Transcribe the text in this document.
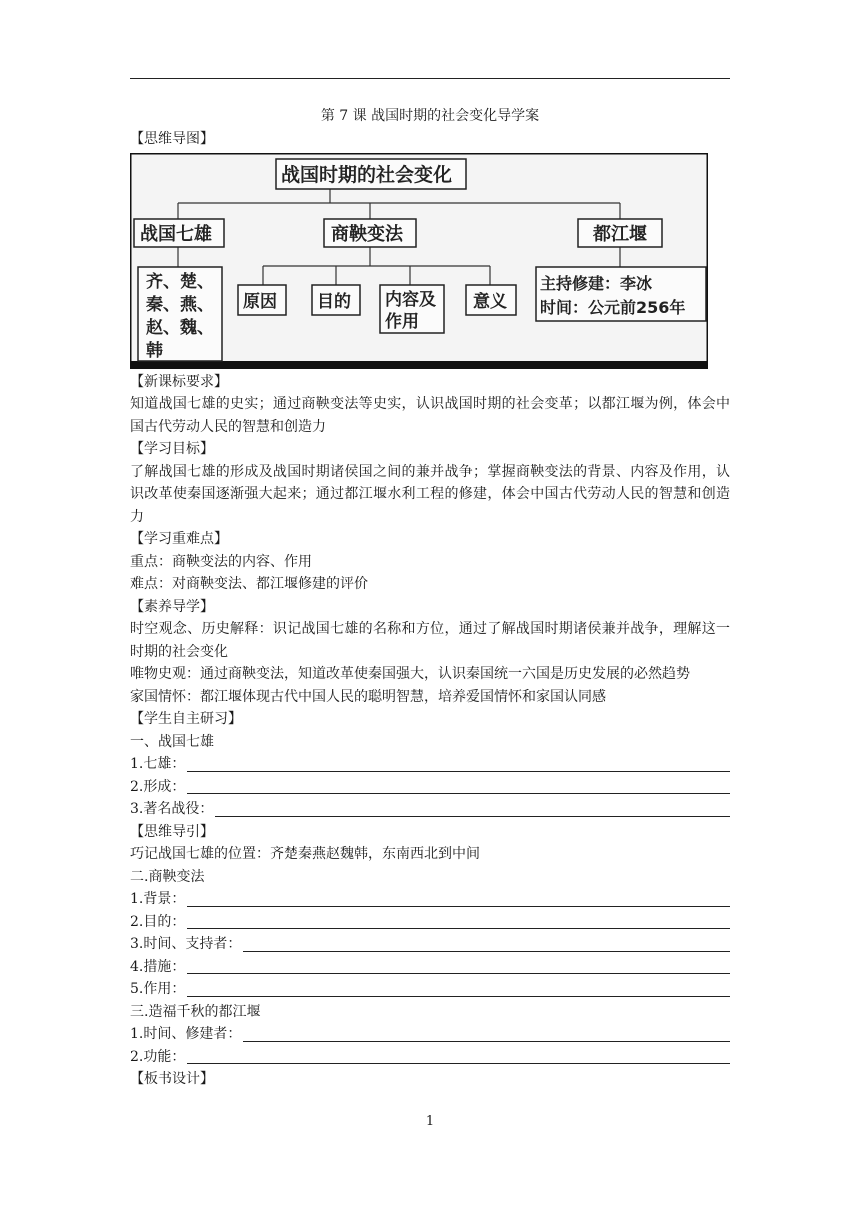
第 7 课 战国时期的社会变化导学案
【思维导图】
战国时期的社会变化
战国七雄	商鞅变法	都江堰
齐、楚、
秦、燕、
赵、魏、
韩
原因 目的 内容及
作用
意义
主持修建：李冰
时间：公元前256年
【新课标要求】
知道战国七雄的史实；通过商鞅变法等史实，认识战国时期的社会变革；以都江堰为例，体会中国古代劳动人民的智慧和创造力
【学习目标】
了解战国七雄的形成及战国时期诸侯国之间的兼并战争；掌握商鞅变法的背景、内容及作用，认识改革使秦国逐渐强大起来；通过都江堰水利工程的修建，体会中国古代劳动人民的智慧和创造力
【学习重难点】
重点：商鞅变法的内容、作用
难点：对商鞅变法、都江堰修建的评价
【素养导学】
时空观念、历史解释：识记战国七雄的名称和方位，通过了解战国时期诸侯兼并战争，理解这一时期的社会变化
唯物史观：通过商鞅变法，知道改革使秦国强大，认识秦国统一六国是历史发展的必然趋势
家国情怀：都江堰体现古代中国人民的聪明智慧，培养爱国情怀和家国认同感
【学生自主研习】
一、战国七雄
1.七雄：
2.形成：
3.著名战役：
【思维导引】
巧记战国七雄的位置：齐楚秦燕赵魏韩，东南西北到中间
二.商鞅变法
1.背景：
2.目的：
3.时间、支持者：
4.措施：
5.作用：
三.造福千秋的都江堰
1.时间、修建者：
2.功能：
【板书设计】
1
